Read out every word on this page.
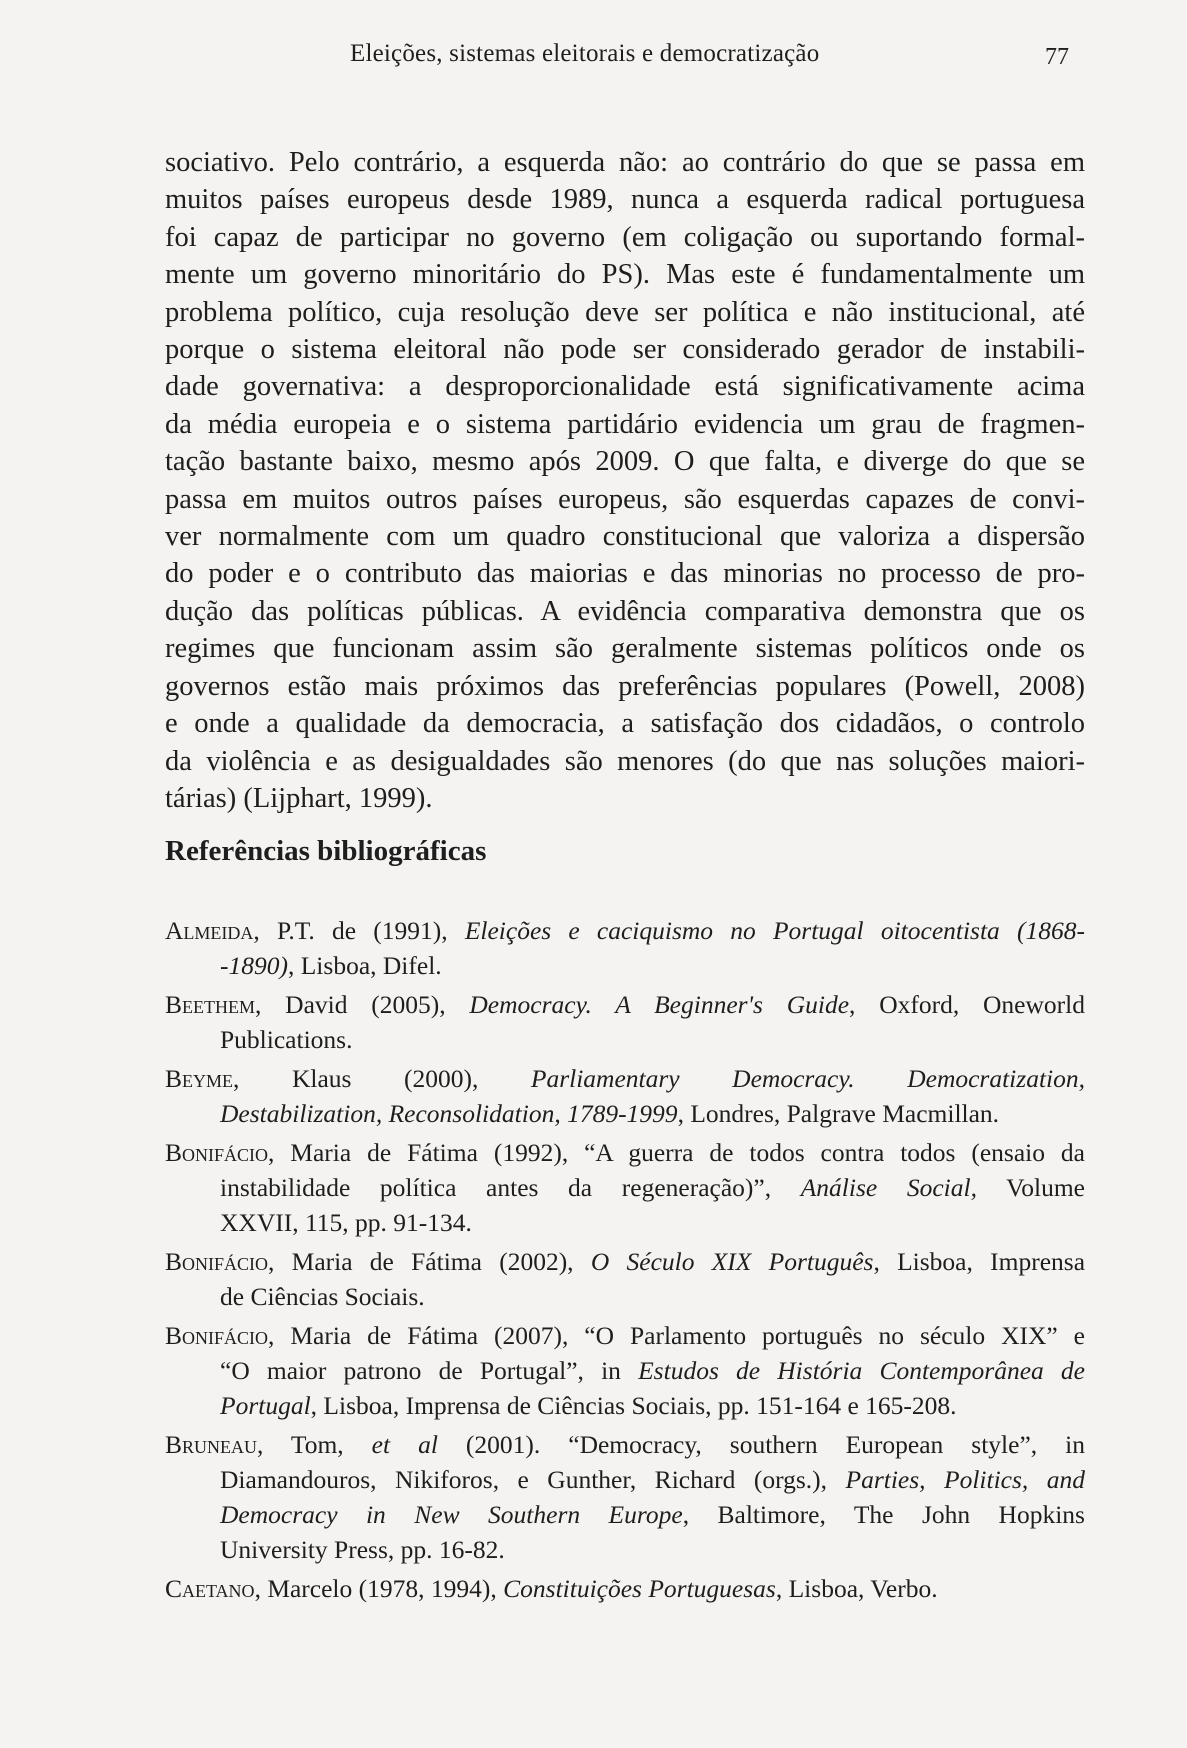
Eleições, sistemas eleitorais e democratização	77
sociativo. Pelo contrário, a esquerda não: ao contrário do que se passa em
muitos países europeus desde 1989, nunca a esquerda radical portuguesa
foi capaz de participar no governo (em coligação ou suportando formal-
mente um governo minoritário do PS). Mas este é fundamentalmente um
problema político, cuja resolução deve ser política e não institucional, até
porque o sistema eleitoral não pode ser considerado gerador de instabili-
dade governativa: a desproporcionalidade está significativamente acima
da média europeia e o sistema partidário evidencia um grau de fragmen-
tação bastante baixo, mesmo após 2009. O que falta, e diverge do que se
passa em muitos outros países europeus, são esquerdas capazes de convi-
ver normalmente com um quadro constitucional que valoriza a dispersão
do poder e o contributo das maiorias e das minorias no processo de pro-
dução das políticas públicas. A evidência comparativa demonstra que os
regimes que funcionam assim são geralmente sistemas políticos onde os
governos estão mais próximos das preferências populares (Powell, 2008)
e onde a qualidade da democracia, a satisfação dos cidadãos, o controlo
da violência e as desigualdades são menores (do que nas soluções maiori-
tárias) (Lijphart, 1999).
Referências bibliográficas
Almeida, P.T. de (1991), Eleições e caciquismo no Portugal oitocentista (1868-
-1890), Lisboa, Difel.
Beethem, David (2005), Democracy. A Beginner's Guide, Oxford, Oneworld
Publications.
Beyme, Klaus (2000), Parliamentary Democracy. Democratization,
Destabilization, Reconsolidation, 1789-1999, Londres, Palgrave Macmillan.
Bonifácio, Maria de Fátima (1992), “A guerra de todos contra todos (ensaio da
instabilidade política antes da regeneração)”, Análise Social, Volume
XXVII, 115, pp. 91-134.
Bonifácio, Maria de Fátima (2002), O Século XIX Português, Lisboa, Imprensa
de Ciências Sociais.
Bonifácio, Maria de Fátima (2007), “O Parlamento português no século XIX” e
“O maior patrono de Portugal”, in Estudos de História Contemporânea de
Portugal, Lisboa, Imprensa de Ciências Sociais, pp. 151-164 e 165-208.
Bruneau, Tom, et al (2001). “Democracy, southern European style”, in
Diamandouros, Nikiforos, e Gunther, Richard (orgs.), Parties, Politics, and
Democracy in New Southern Europe, Baltimore, The John Hopkins
University Press, pp. 16-82.
Caetano, Marcelo (1978, 1994), Constituições Portuguesas, Lisboa, Verbo.
